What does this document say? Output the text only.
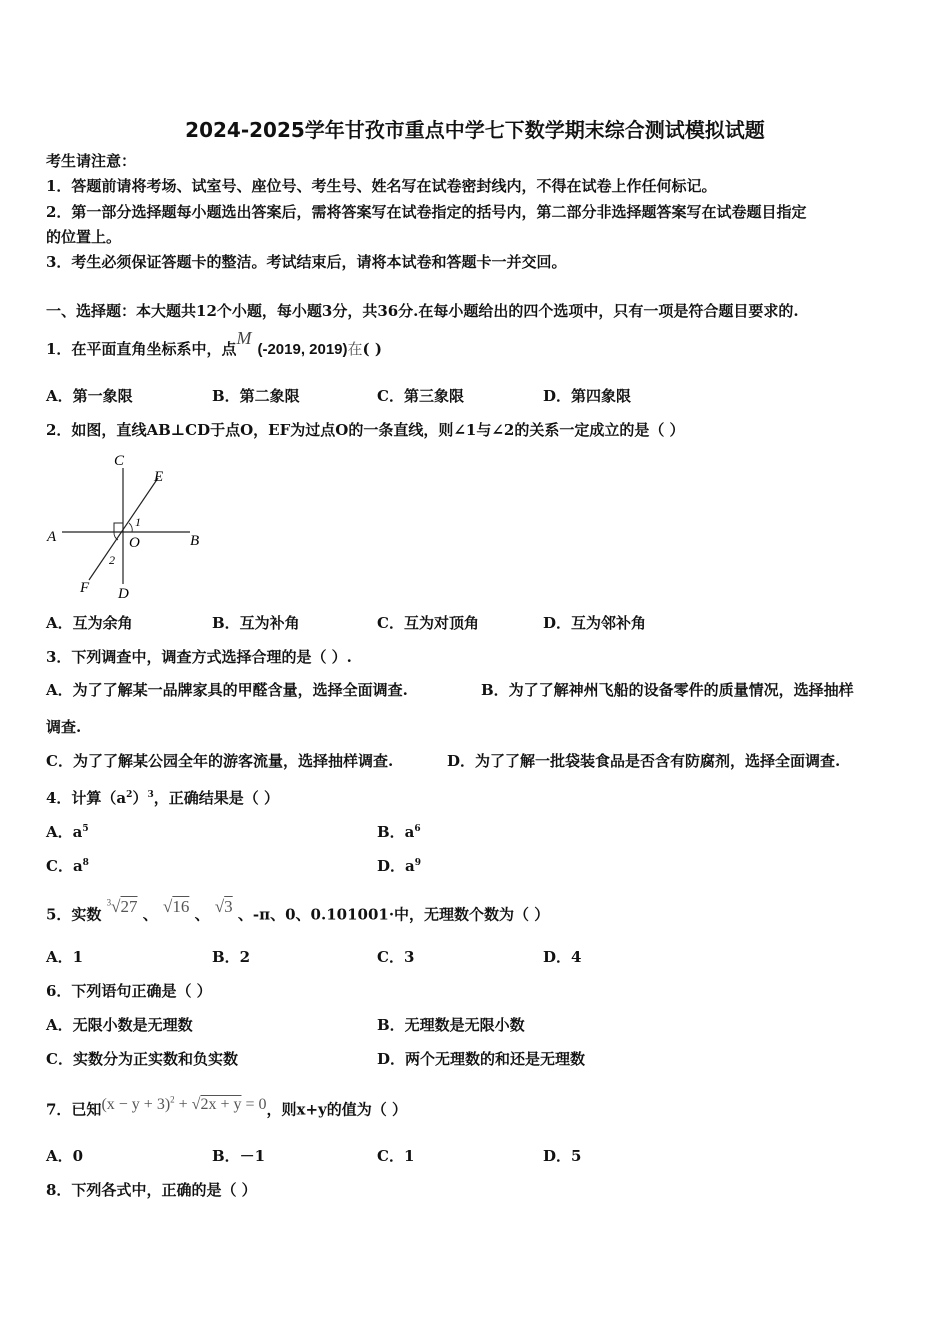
2024-2025学年甘孜市重点中学七下数学期末综合测试模拟试题
考生请注意：
1．答题前请将考场、试室号、座位号、考生号、姓名写在试卷密封线内，不得在试卷上作任何标记。
2．第一部分选择题每小题选出答案后，需将答案写在试卷指定的括号内，第二部分非选择题答案写在试卷题目指定
的位置上。
3．考生必须保证答题卡的整洁。考试结束后，请将本试卷和答题卡一并交回。
一、选择题：本大题共12个小题，每小题3分，共36分.在每小题给出的四个选项中，只有一项是符合题目要求的.
1．在平面直角坐标系中，点M(-2019, 2019)在( )
A．第一象限	B．第二象限	C．第三象限	D．第四象限
2．如图，直线AB⊥CD于点O，EF为过点O的一条直线，则∠1与∠2的关系一定成立的是（ ）
C
E
A	B
1
O
2
F D
A．互为余角	B．互为补角	C．互为对顶角	D．互为邻补角
3．下列调查中，调查方式选择合理的是（ ）.
A．为了了解某一品牌家具的甲醛含量，选择全面调查.	B．为了了解神州飞船的设备零件的质量情况，选择抽样
调查.
C．为了了解某公园全年的游客流量，选择抽样调查.	D．为了了解一批袋装食品是否含有防腐剂，选择全面调查.
4．计算$(a^2)^3$，正确结果是（ ）
A．$a^5$	B．$a^6$
C．$a^8$	D．$a^9$
5．实数 $^3$√27 、 √16 、 √3 、-π、0、0.101001·中，无理数个数为（ ）
A．1	B．2	C．3	D．4
6．下列语句正确是（ ）
A．无限小数是无理数	B．无理数是无限小数
C．实数分为正实数和负实数	D．两个无理数的和还是无理数
7．已知$(x - y + 3)^2 + √2x + y = 0$，则x+y的值为（ ）
A．0	B．－1	C．1	D．5
8．下列各式中，正确的是（ ）
